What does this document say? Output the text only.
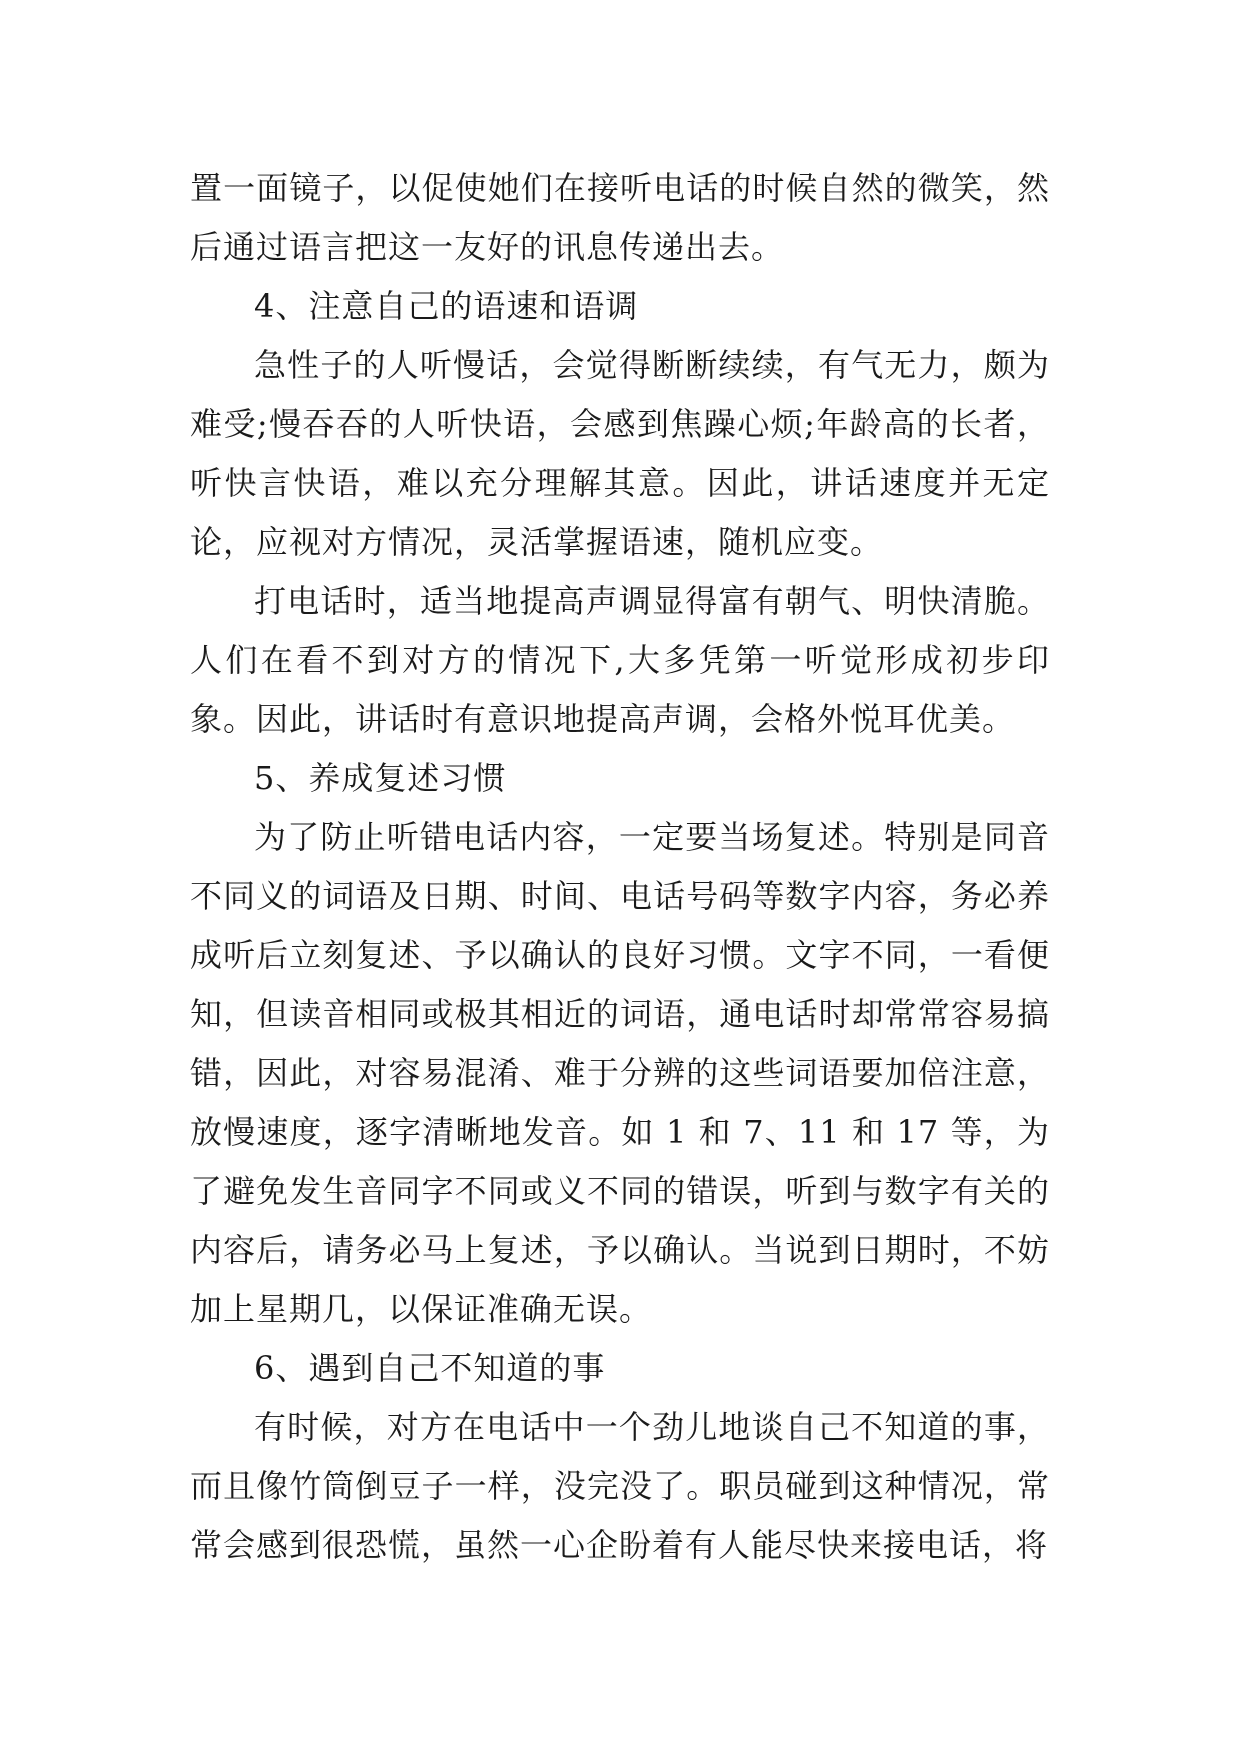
置一面镜子，以促使她们在接听电话的时候自然的微笑，然后通过语言把这一友好的讯息传递出去。

4、注意自己的语速和语调

急性子的人听慢话，会觉得断断续续，有气无力，颇为难受;慢吞吞的人听快语，会感到焦躁心烦;年龄高的长者，听快言快语，难以充分理解其意。因此，讲话速度并无定论，应视对方情况，灵活掌握语速，随机应变。

打电话时，适当地提高声调显得富有朝气、明快清脆。人们在看不到对方的情况下,大多凭第一听觉形成初步印象。因此，讲话时有意识地提高声调，会格外悦耳优美。

5、养成复述习惯

为了防止听错电话内容，一定要当场复述。特别是同音不同义的词语及日期、时间、电话号码等数字内容，务必养成听后立刻复述、予以确认的良好习惯。文字不同，一看便知，但读音相同或极其相近的词语，通电话时却常常容易搞错，因此，对容易混淆、难于分辨的这些词语要加倍注意，放慢速度，逐字清晰地发音。如 1 和 7、11 和 17 等，为了避免发生音同字不同或义不同的错误，听到与数字有关的内容后，请务必马上复述，予以确认。当说到日期时，不妨加上星期几，以保证准确无误。

6、遇到自己不知道的事

有时候，对方在电话中一个劲儿地谈自己不知道的事，而且像竹筒倒豆子一样，没完没了。职员碰到这种情况，常常会感到很恐慌，虽然一心企盼着有人能尽快来接电话，将
